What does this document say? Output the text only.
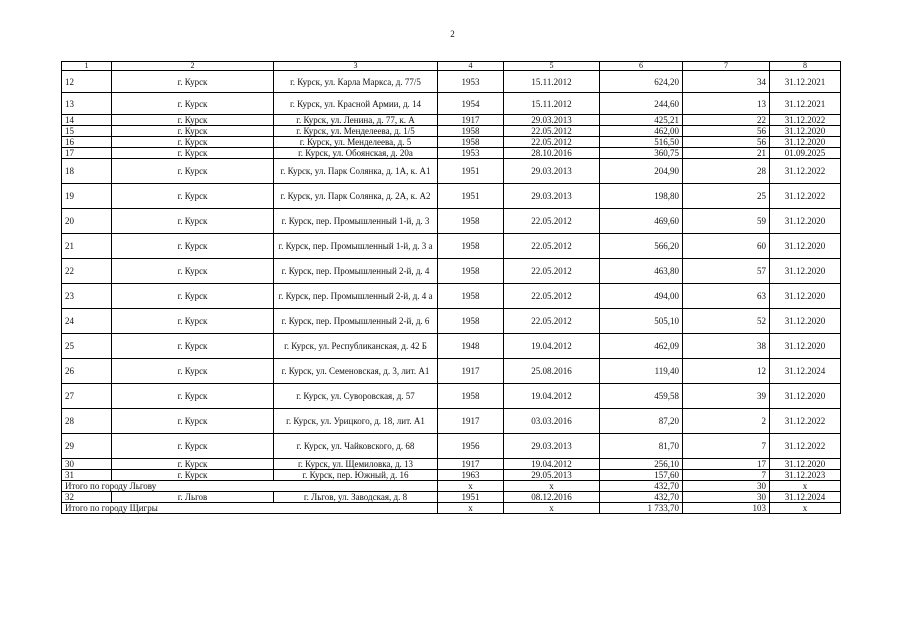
2
1	2	3	4	5	6	7	8
12	г. Курск	г. Курск, ул. Карла Маркса, д. 77/5	1953	15.11.2012	624,20	34	31.12.2021
13	г. Курск	г. Курск, ул. Красной Армии, д. 14	1954	15.11.2012	244,60	13	31.12.2021
14	г. Курск	г. Курск, ул. Ленина, д. 77, к. А	1917	29.03.2013	425,21	22	31.12.2022
15	г. Курск	г. Курск, ул. Менделеева, д. 1/5	1958	22.05.2012	462,00	56	31.12.2020
16	г. Курск	г. Курск, ул. Менделеева, д. 5	1958	22.05.2012	516,50	56	31.12.2020
17	г. Курск	г. Курск, ул. Обоянская, д. 20а	1953	28.10.2016	360,75	21	01.09.2025
18	г. Курск	г. Курск, ул. Парк Солянка, д. 1А, к. А1	1951	29.03.2013	204,90	28	31.12.2022
19	г. Курск	г. Курск, ул. Парк Солянка, д. 2А, к. А2	1951	29.03.2013	198,80	25	31.12.2022
20	г. Курск	г. Курск, пер. Промышленный 1-й, д. 3	1958	22.05.2012	469,60	59	31.12.2020
21	г. Курск	г. Курск, пер. Промышленный 1-й, д. 3 а	1958	22.05.2012	566,20	60	31.12.2020
22	г. Курск	г. Курск, пер. Промышленный 2-й, д. 4	1958	22.05.2012	463,80	57	31.12.2020
23	г. Курск	г. Курск, пер. Промышленный 2-й, д. 4 а	1958	22.05.2012	494,00	63	31.12.2020
24	г. Курск	г. Курск, пер. Промышленный 2-й, д. 6	1958	22.05.2012	505,10	52	31.12.2020
25	г. Курск	г. Курск, ул. Республиканская, д. 42 Б	1948	19.04.2012	462,09	38	31.12.2020
26	г. Курск	г. Курск, ул. Семеновская, д. 3, лит. А1	1917	25.08.2016	119,40	12	31.12.2024
27	г. Курск	г. Курск, ул. Суворовская, д. 57	1958	19.04.2012	459,58	39	31.12.2020
28	г. Курск	г. Курск, ул. Урицкого, д. 18, лит. А1	1917	03.03.2016	87,20	2	31.12.2022
29	г. Курск	г. Курск, ул. Чайковского, д. 68	1956	29.03.2013	81,70	7	31.12.2022
30	г. Курск	г. Курск, ул. Щемиловка, д. 13	1917	19.04.2012	256,10	17	31.12.2020
31	г. Курск	г. Курск, пер. Южный, д. 16	1963	29.05.2013	157,60	7	31.12.2023
Итого по городу Льгову			х	х	432,70	30	х
32	г. Льгов	г. Льгов, ул. Заводская, д. 8	1951	08.12.2016	432,70	30	31.12.2024
Итого по городу Щигры			х	х	1 733,70	103	х
